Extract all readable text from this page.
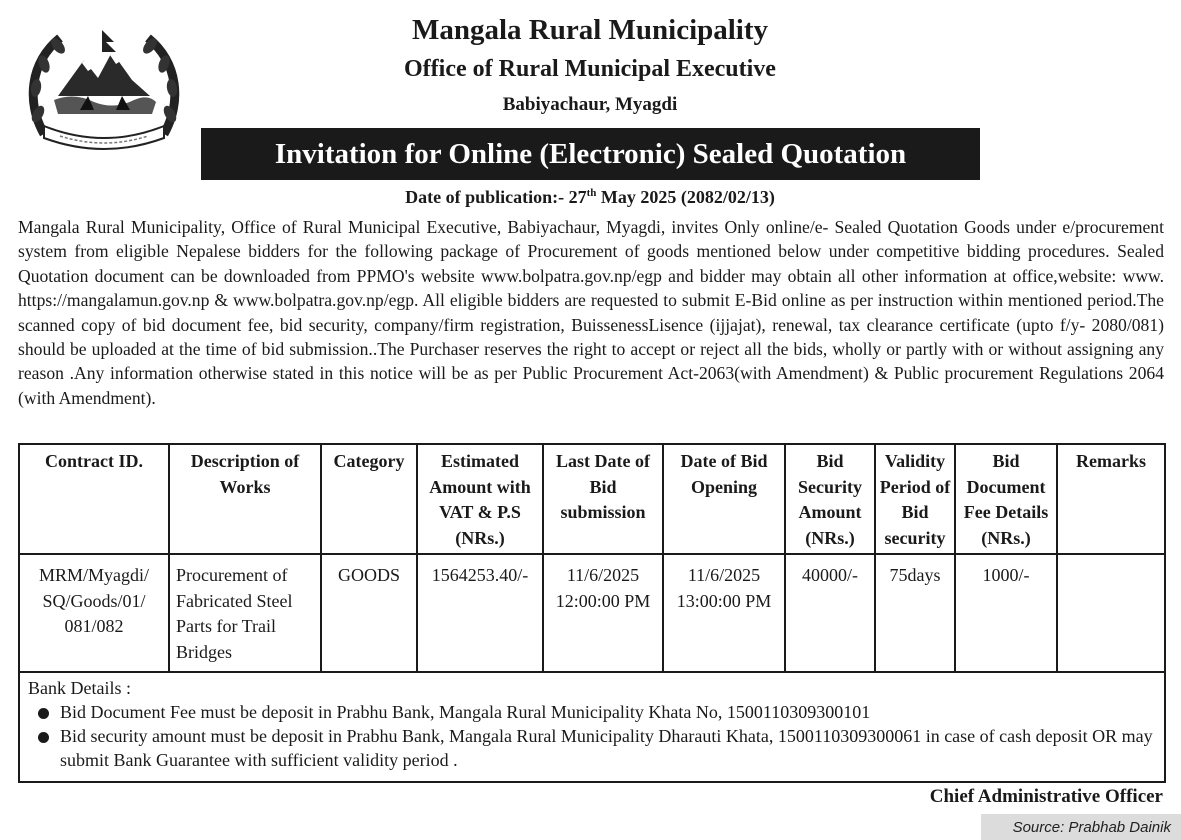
Mangala Rural Municipality
Office of Rural Municipal Executive
Babiyachaur, Myagdi
Invitation for Online (Electronic) Sealed Quotation
Date of publication:- 27th May 2025 (2082/02/13)

Mangala Rural Municipality, Office of Rural Municipal Executive, Babiyachaur, Myagdi, invites Only online/e- Sealed Quotation Goods under e/procurement system from eligible Nepalese bidders for the following package of Procurement of goods mentioned below under competitive bidding procedures. Sealed Quotation document can be downloaded from PPMO's website www.bolpatra.gov.np/egp and bidder may obtain all other information at office,website: www. https://mangalamun.gov.np & www.bolpatra.gov.np/egp. All eligible bidders are requested to submit E-Bid online as per instruction within mentioned period.The scanned copy of bid document fee, bid security, company/firm registration, BuissenessLisence (ijjajat), renewal, tax clearance certificate (upto f/y- 2080/081) should be uploaded at the time of bid submission..The Purchaser reserves the right to accept or reject all the bids, wholly or partly with or without assigning any reason .Any information otherwise stated in this notice will be as per Public Procurement Act-2063(with Amendment) & Public procurement Regulations 2064 (with Amendment).

Contract ID.	Description of Works	Category	Estimated Amount with VAT & P.S (NRs.)	Last Date of Bid submission	Date of Bid Opening	Bid Security Amount (NRs.)	Validity Period of Bid security	Bid Document Fee Details (NRs.)	Remarks
MRM/Myagdi/ SQ/Goods/01/ 081/082	Procurement of Fabricated Steel Parts for Trail Bridges	GOODS	1564253.40/-	11/6/2025 12:00:00 PM	11/6/2025 13:00:00 PM	40000/-	75days	1000/-	

Bank Details :
Bid Document Fee must be deposit in Prabhu Bank, Mangala Rural Municipality Khata No, 1500110309300101
Bid security amount must be deposit in Prabhu Bank, Mangala Rural Municipality Dharauti Khata, 1500110309300061 in case of cash deposit OR may submit Bank Guarantee with sufficient validity period .									
Chief Administrative Officer
Source: Prabhab Dainik
